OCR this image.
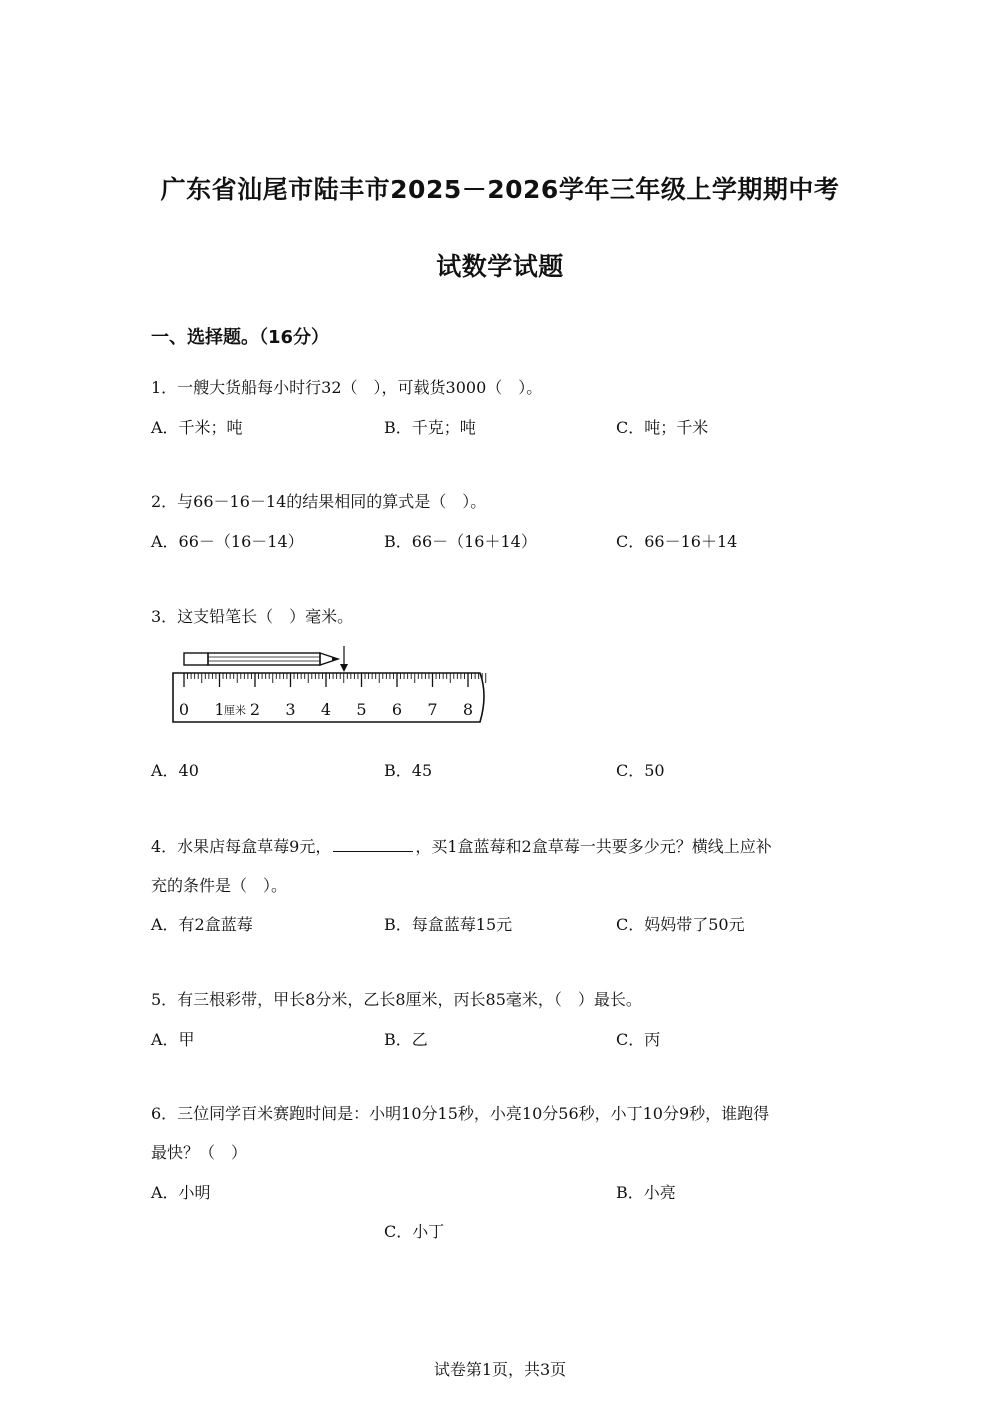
广东省汕尾市陆丰市2025－2026学年三年级上学期期中考
试数学试题
一、选择题。（16分）
1．一艘大货船每小时行32（　），可载货3000（　）。
A．千米；吨	B．千克；吨	C．吨；千米
2．与66－16－14的结果相同的算式是（　）。
A．66－（16－14）	B．66－（16＋14）	C．66－16＋14
3．这支铅笔长（　）毫米。
0 1 2 3 4 5 6 7 8
厘米
A．40	B．45	C．50
4．水果店每盒草莓9元，	，买1盒蓝莓和2盒草莓一共要多少元？横线上应补
充的条件是（　）。
A．有2盒蓝莓	B．每盒蓝莓15元	C．妈妈带了50元
5．有三根彩带，甲长8分米，乙长8厘米，丙长85毫米，（　）最长。
A．甲	B．乙	C．丙
6．三位同学百米赛跑时间是：小明10分15秒，小亮10分56秒，小丁10分9秒，谁跑得
最快？（　）
A．小明	B．小亮
C．小丁
试卷第1页，共3页
